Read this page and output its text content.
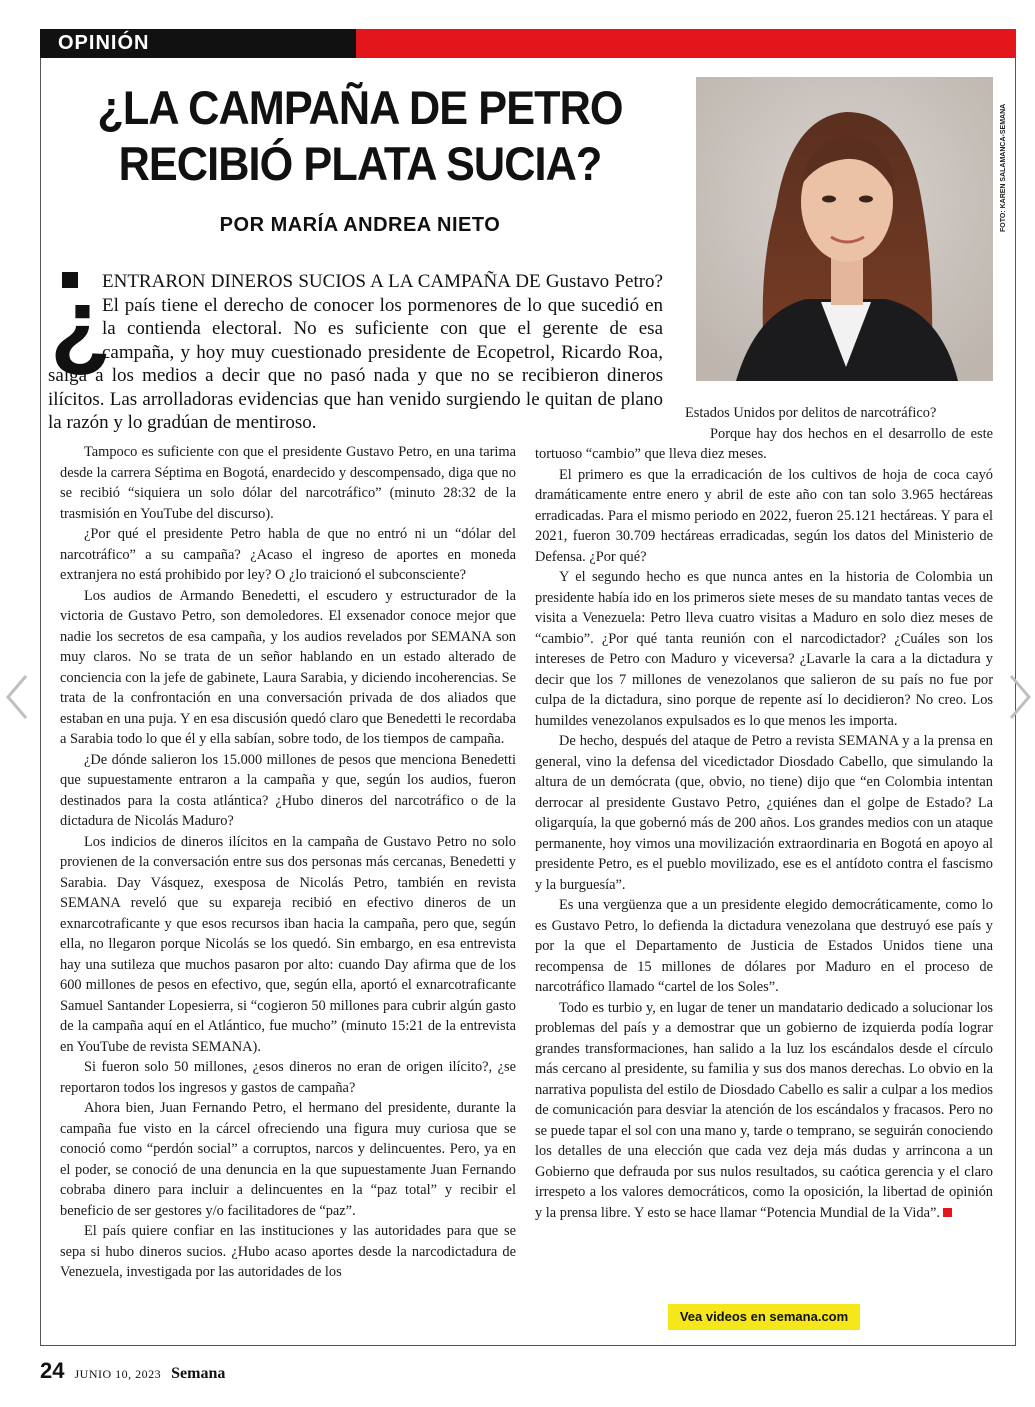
OPINIÓN
¿LA CAMPAÑA DE PETRO
RECIBIÓ PLATA SUCIA?
POR MARÍA ANDREA NIETO	FOTO: KAREN SALAMANCA-SEMANA
¿
ENTRARON DINEROS SUCIOS A LA CAMPAÑA DE Gustavo Petro? El país tiene el derecho de conocer los pormenores de lo que sucedió en la contienda electoral. No es suficiente con que el gerente de esa campaña, y hoy muy cuestionado presidente de Ecopetrol, Ricardo Roa, salga a los medios a decir que no pasó nada y que no se recibieron dineros ilícitos. Las arrolladoras evidencias que han venido surgiendo le quitan de plano la razón y lo gradúan de mentiroso.

Tampoco es suficiente con que el presidente Gustavo Petro, en una tarima desde la carrera Séptima en Bogotá, enardecido y descompensado, diga que no se recibió “siquiera un solo dólar del narcotráfico” (minuto 28:32 de la trasmisión en YouTube del discurso).

¿Por qué el presidente Petro habla de que no entró ni un “dólar del narcotráfico” a su campaña? ¿Acaso el ingreso de aportes en moneda extranjera no está prohibido por ley? O ¿lo traicionó el subconsciente?

Los audios de Armando Benedetti, el escudero y estructurador de la victoria de Gustavo Petro, son demoledores. El exsenador conoce mejor que nadie los secretos de esa campaña, y los audios revelados por SEMANA son muy claros. No se trata de un señor hablando en un estado alterado de conciencia con la jefe de gabinete, Laura Sarabia, y diciendo incoherencias. Se trata de la confrontación en una conversación privada de dos aliados que estaban en una puja. Y en esa discusión quedó claro que Benedetti le recordaba a Sarabia todo lo que él y ella sabían, sobre todo, de los tiempos de campaña.

¿De dónde salieron los 15.000 millones de pesos que menciona Benedetti que supuestamente entraron a la campaña y que, según los audios, fueron destinados para la costa atlántica? ¿Hubo dineros del narcotráfico o de la dictadura de Nicolás Maduro?

Los indicios de dineros ilícitos en la campaña de Gustavo Petro no solo provienen de la conversación entre sus dos personas más cercanas, Benedetti y Sarabia. Day Vásquez, exesposa de Nicolás Petro, también en revista SEMANA reveló que su expareja recibió en efectivo dineros de un exnarcotraficante y que esos recursos iban hacia la campaña, pero que, según ella, no llegaron porque Nicolás se los quedó. Sin embargo, en esa entrevista hay una sutileza que muchos pasaron por alto: cuando Day afirma que de los 600 millones de pesos en efectivo, que, según ella, aportó el exnarcotraficante Samuel Santander Lopesierra, si “cogieron 50 millones para cubrir algún gasto de la campaña aquí en el Atlántico, fue mucho” (minuto 15:21 de la entrevista en YouTube de revista SEMANA).

Si fueron solo 50 millones, ¿esos dineros no eran de origen ilícito?, ¿se reportaron todos los ingresos y gastos de campaña?

Ahora bien, Juan Fernando Petro, el hermano del presidente, durante la campaña fue visto en la cárcel ofreciendo una figura muy curiosa que se conoció como “perdón social” a corruptos, narcos y delincuentes. Pero, ya en el poder, se conoció de una denuncia en la que supuestamente Juan Fernando cobraba dinero para incluir a delincuentes en la “paz total” y recibir el beneficio de ser gestores y/o facilitadores de “paz”.

El país quiere confiar en las instituciones y las autoridades para que se sepa si hubo dineros sucios. ¿Hubo acaso aportes desde la narcodictadura de Venezuela, investigada por las autoridades de los

Estados Unidos por delitos de narcotráfico?

Porque hay dos hechos en el desarrollo de este tortuoso “cambio” que lleva diez meses.

El primero es que la erradicación de los cultivos de hoja de coca cayó dramáticamente entre enero y abril de este año con tan solo 3.965 hectáreas erradicadas. Para el mismo periodo en 2022, fueron 25.121 hectáreas. Y para el 2021, fueron 30.709 hectáreas erradicadas, según los datos del Ministerio de Defensa. ¿Por qué?

Y el segundo hecho es que nunca antes en la historia de Colombia un presidente había ido en los primeros siete meses de su mandato tantas veces de visita a Venezuela: Petro lleva cuatro visitas a Maduro en solo diez meses de “cambio”. ¿Por qué tanta reunión con el narcodictador? ¿Cuáles son los intereses de Petro con Maduro y viceversa? ¿Lavarle la cara a la dictadura y decir que los 7 millones de venezolanos que salieron de su país no fue por culpa de la dictadura, sino porque de repente así lo decidieron? No creo. Los humildes venezolanos expulsados es lo que menos les importa.

De hecho, después del ataque de Petro a revista SEMANA y a la prensa en general, vino la defensa del vicedictador Diosdado Cabello, que simulando la altura de un demócrata (que, obvio, no tiene) dijo que “en Colombia intentan derrocar al presidente Gustavo Petro, ¿quiénes dan el golpe de Estado? La oligarquía, la que gobernó más de 200 años. Los grandes medios con un ataque permanente, hoy vimos una movilización extraordinaria en Bogotá en apoyo al presidente Petro, es el pueblo movilizado, ese es el antídoto contra el fascismo y la burguesía”.

Es una vergüenza que a un presidente elegido democráticamente, como lo es Gustavo Petro, lo defienda la dictadura venezolana que destruyó ese país y por la que el Departamento de Justicia de Estados Unidos tiene una recompensa de 15 millones de dólares por Maduro en el proceso de narcotráfico llamado “cartel de los Soles”.

Todo es turbio y, en lugar de tener un mandatario dedicado a solucionar los problemas del país y a demostrar que un gobierno de izquierda podía lograr grandes transformaciones, han salido a la luz los escándalos desde el círculo más cercano al presidente, su familia y sus dos manos derechas. Lo obvio en la narrativa populista del estilo de Diosdado Cabello es salir a culpar a los medios de comunicación para desviar la atención de los escándalos y fracasos. Pero no se puede tapar el sol con una mano y, tarde o temprano, se seguirán conociendo los detalles de una elección que cada vez deja más dudas y arrincona a un Gobierno que defrauda por sus nulos resultados, su caótica gerencia y el claro irrespeto a los valores democráticos, como la oposición, la libertad de opinión y la prensa libre. Y esto se hace llamar “Potencia Mundial de la Vida”.

Vea videos en semana.com
24 JUNIO 10, 2023 Semana
